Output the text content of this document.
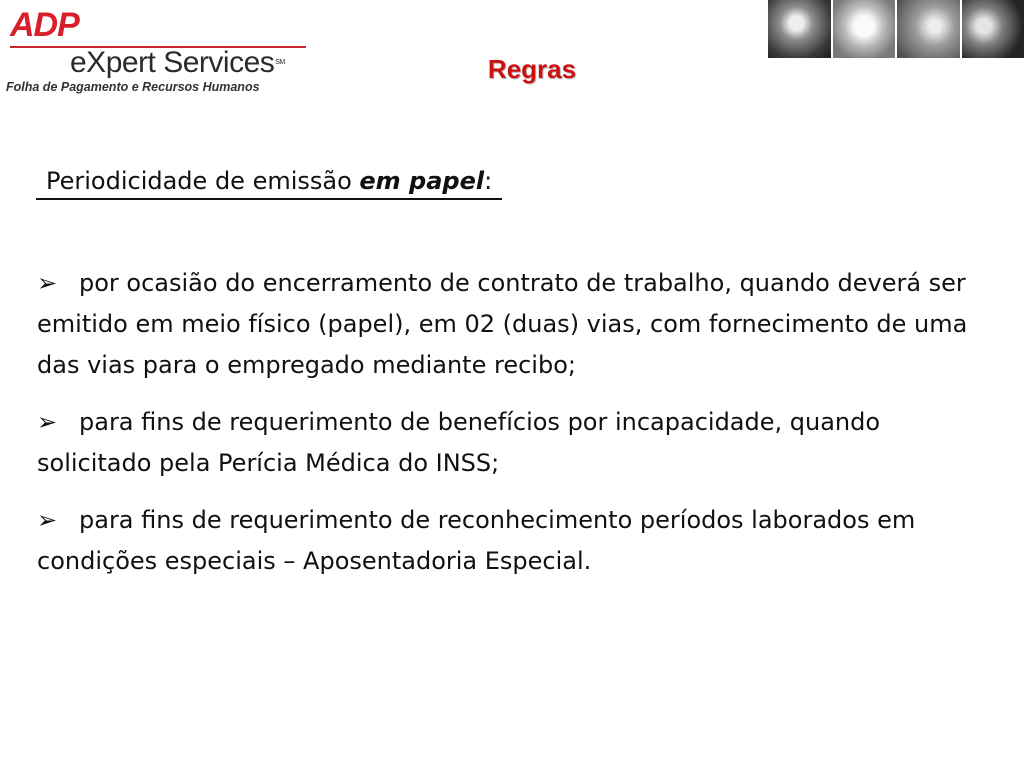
ADP
eXpert Services℠
Folha de Pagamento e Recursos Humanos
Regras
Periodicidade de emissão em papel:
➢ por ocasião do encerramento de contrato de trabalho, quando deverá ser emitido em meio físico (papel), em 02 (duas) vias, com fornecimento de uma das vias para o empregado mediante recibo;
➢ para fins de requerimento de benefícios por incapacidade, quando solicitado pela Perícia Médica do INSS;
➢ para fins de requerimento de reconhecimento períodos laborados em condições especiais – Aposentadoria Especial.
